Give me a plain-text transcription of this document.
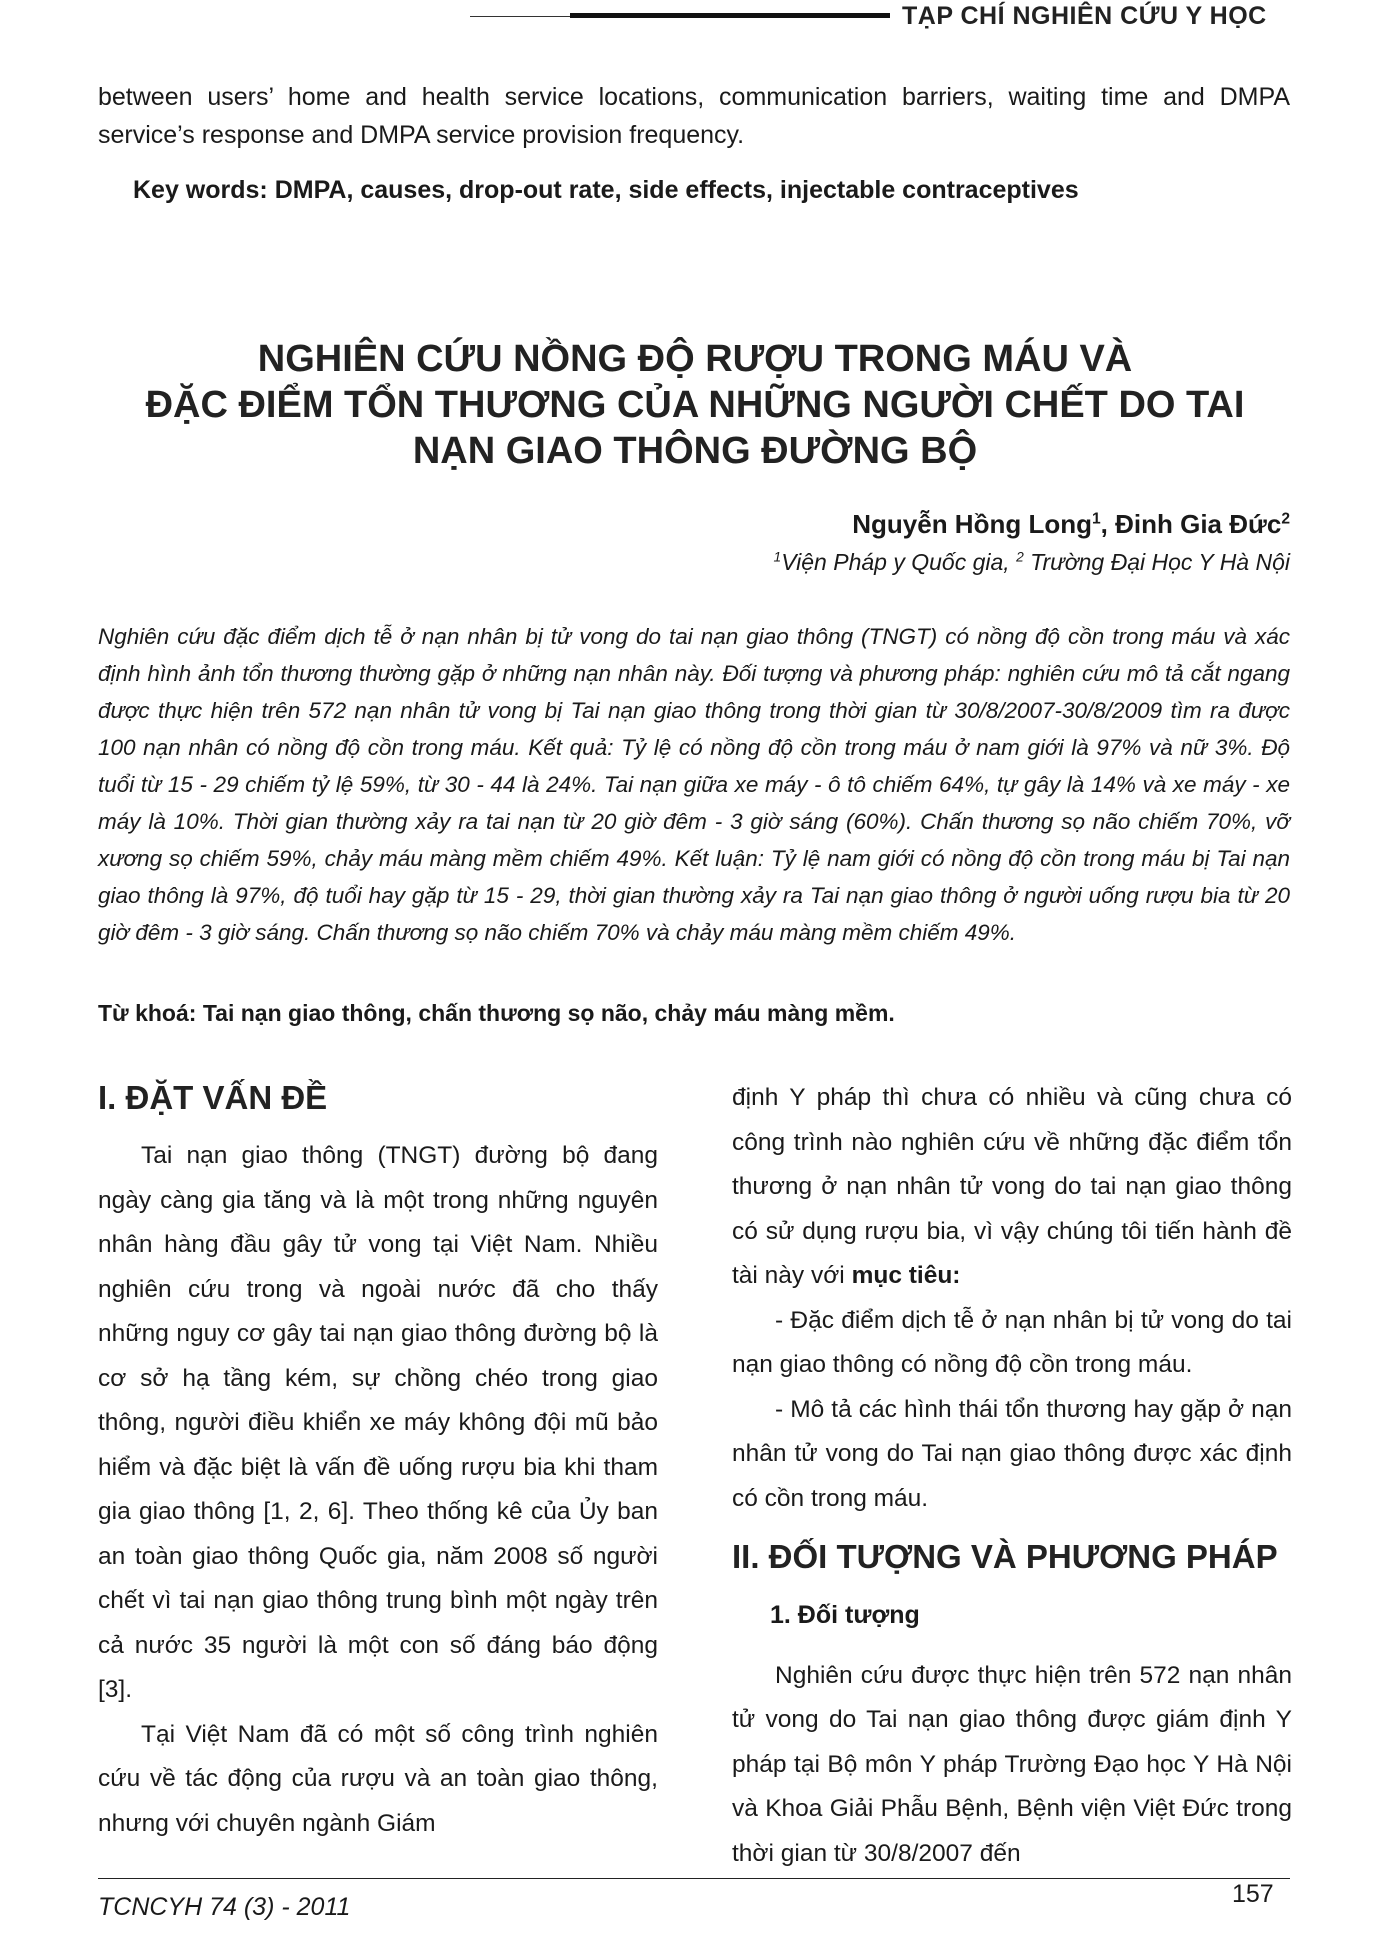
TẠP CHÍ NGHIÊN CỨU Y HỌC
between users’ home and health service locations, communication barriers, waiting time and DMPA service’s response and DMPA service provision frequency.
Key words: DMPA, causes, drop-out rate, side effects, injectable contraceptives
NGHIÊN CỨU NỒNG ĐỘ RƯỢU TRONG MÁU VÀ
ĐẶC ĐIỂM TỔN THƯƠNG CỦA NHỮNG NGƯỜI CHẾT DO TAI
NẠN GIAO THÔNG ĐƯỜNG BỘ
Nguyễn Hồng Long$^1$, Đinh Gia Đức$^2$
$^1$Viện Pháp y Quốc gia, $^2$ Trường Đại Học Y Hà Nội
Nghiên cứu đặc điểm dịch tễ ở nạn nhân bị tử vong do tai nạn giao thông (TNGT) có nồng độ cồn trong máu và xác định hình ảnh tổn thương thường gặp ở những nạn nhân này. Đối tượng và phương pháp: nghiên cứu mô tả cắt ngang được thực hiện trên 572 nạn nhân tử vong bị Tai nạn giao thông trong thời gian từ 30/8/2007-30/8/2009 tìm ra được 100 nạn nhân có nồng độ cồn trong máu. Kết quả: Tỷ lệ có nồng độ cồn trong máu ở nam giới là 97% và nữ 3%. Độ tuổi từ 15 - 29 chiếm tỷ lệ 59%, từ 30 - 44 là 24%. Tai nạn giữa xe máy - ô tô chiếm 64%, tự gây là 14% và xe máy - xe máy là 10%. Thời gian thường xảy ra tai nạn từ 20 giờ đêm - 3 giờ sáng (60%). Chấn thương sọ não chiếm 70%, vỡ xương sọ chiếm 59%, chảy máu màng mềm chiếm 49%. Kết luận: Tỷ lệ nam giới có nồng độ cồn trong máu bị Tai nạn giao thông là 97%, độ tuổi hay gặp từ 15 - 29, thời gian thường xảy ra Tai nạn giao thông ở người uống rượu bia từ 20 giờ đêm - 3 giờ sáng. Chấn thương sọ não chiếm 70% và chảy máu màng mềm chiếm 49%.
Từ khoá: Tai nạn giao thông, chấn thương sọ não, chảy máu màng mềm.
I. ĐẶT VẤN ĐỀ

Tai nạn giao thông (TNGT) đường bộ đang ngày càng gia tăng và là một trong những nguyên nhân hàng đầu gây tử vong tại Việt Nam. Nhiều nghiên cứu trong và ngoài nước đã cho thấy những nguy cơ gây tai nạn giao thông đường bộ là cơ sở hạ tầng kém, sự chồng chéo trong giao thông, người điều khiển xe máy không đội mũ bảo hiểm và đặc biệt là vấn đề uống rượu bia khi tham gia giao thông [1, 2, 6]. Theo thống kê của Ủy ban an toàn giao thông Quốc gia, năm 2008 số người chết vì tai nạn giao thông trung bình một ngày trên cả nước 35 người là một con số đáng báo động [3].

Tại Việt Nam đã có một số công trình nghiên cứu về tác động của rượu và an toàn giao thông, nhưng với chuyên ngành Giám

định Y pháp thì chưa có nhiều và cũng chưa có công trình nào nghiên cứu về những đặc điểm tổn thương ở nạn nhân tử vong do tai nạn giao thông có sử dụng rượu bia, vì vậy chúng tôi tiến hành đề tài này với mục tiêu:

- Đặc điểm dịch tễ ở nạn nhân bị tử vong do tai nạn giao thông có nồng độ cồn trong máu.

- Mô tả các hình thái tổn thương hay gặp ở nạn nhân tử vong do Tai nạn giao thông được xác định có cồn trong máu.

II. ĐỐI TƯỢNG VÀ PHƯƠNG PHÁP
1. Đối tượng

Nghiên cứu được thực hiện trên 572 nạn nhân tử vong do Tai nạn giao thông được giám định Y pháp tại Bộ môn Y pháp Trường Đạo học Y Hà Nội và Khoa Giải Phẫu Bệnh, Bệnh viện Việt Đức trong thời gian từ 30/8/2007 đến

TCNCYH 74 (3) - 2011	157
